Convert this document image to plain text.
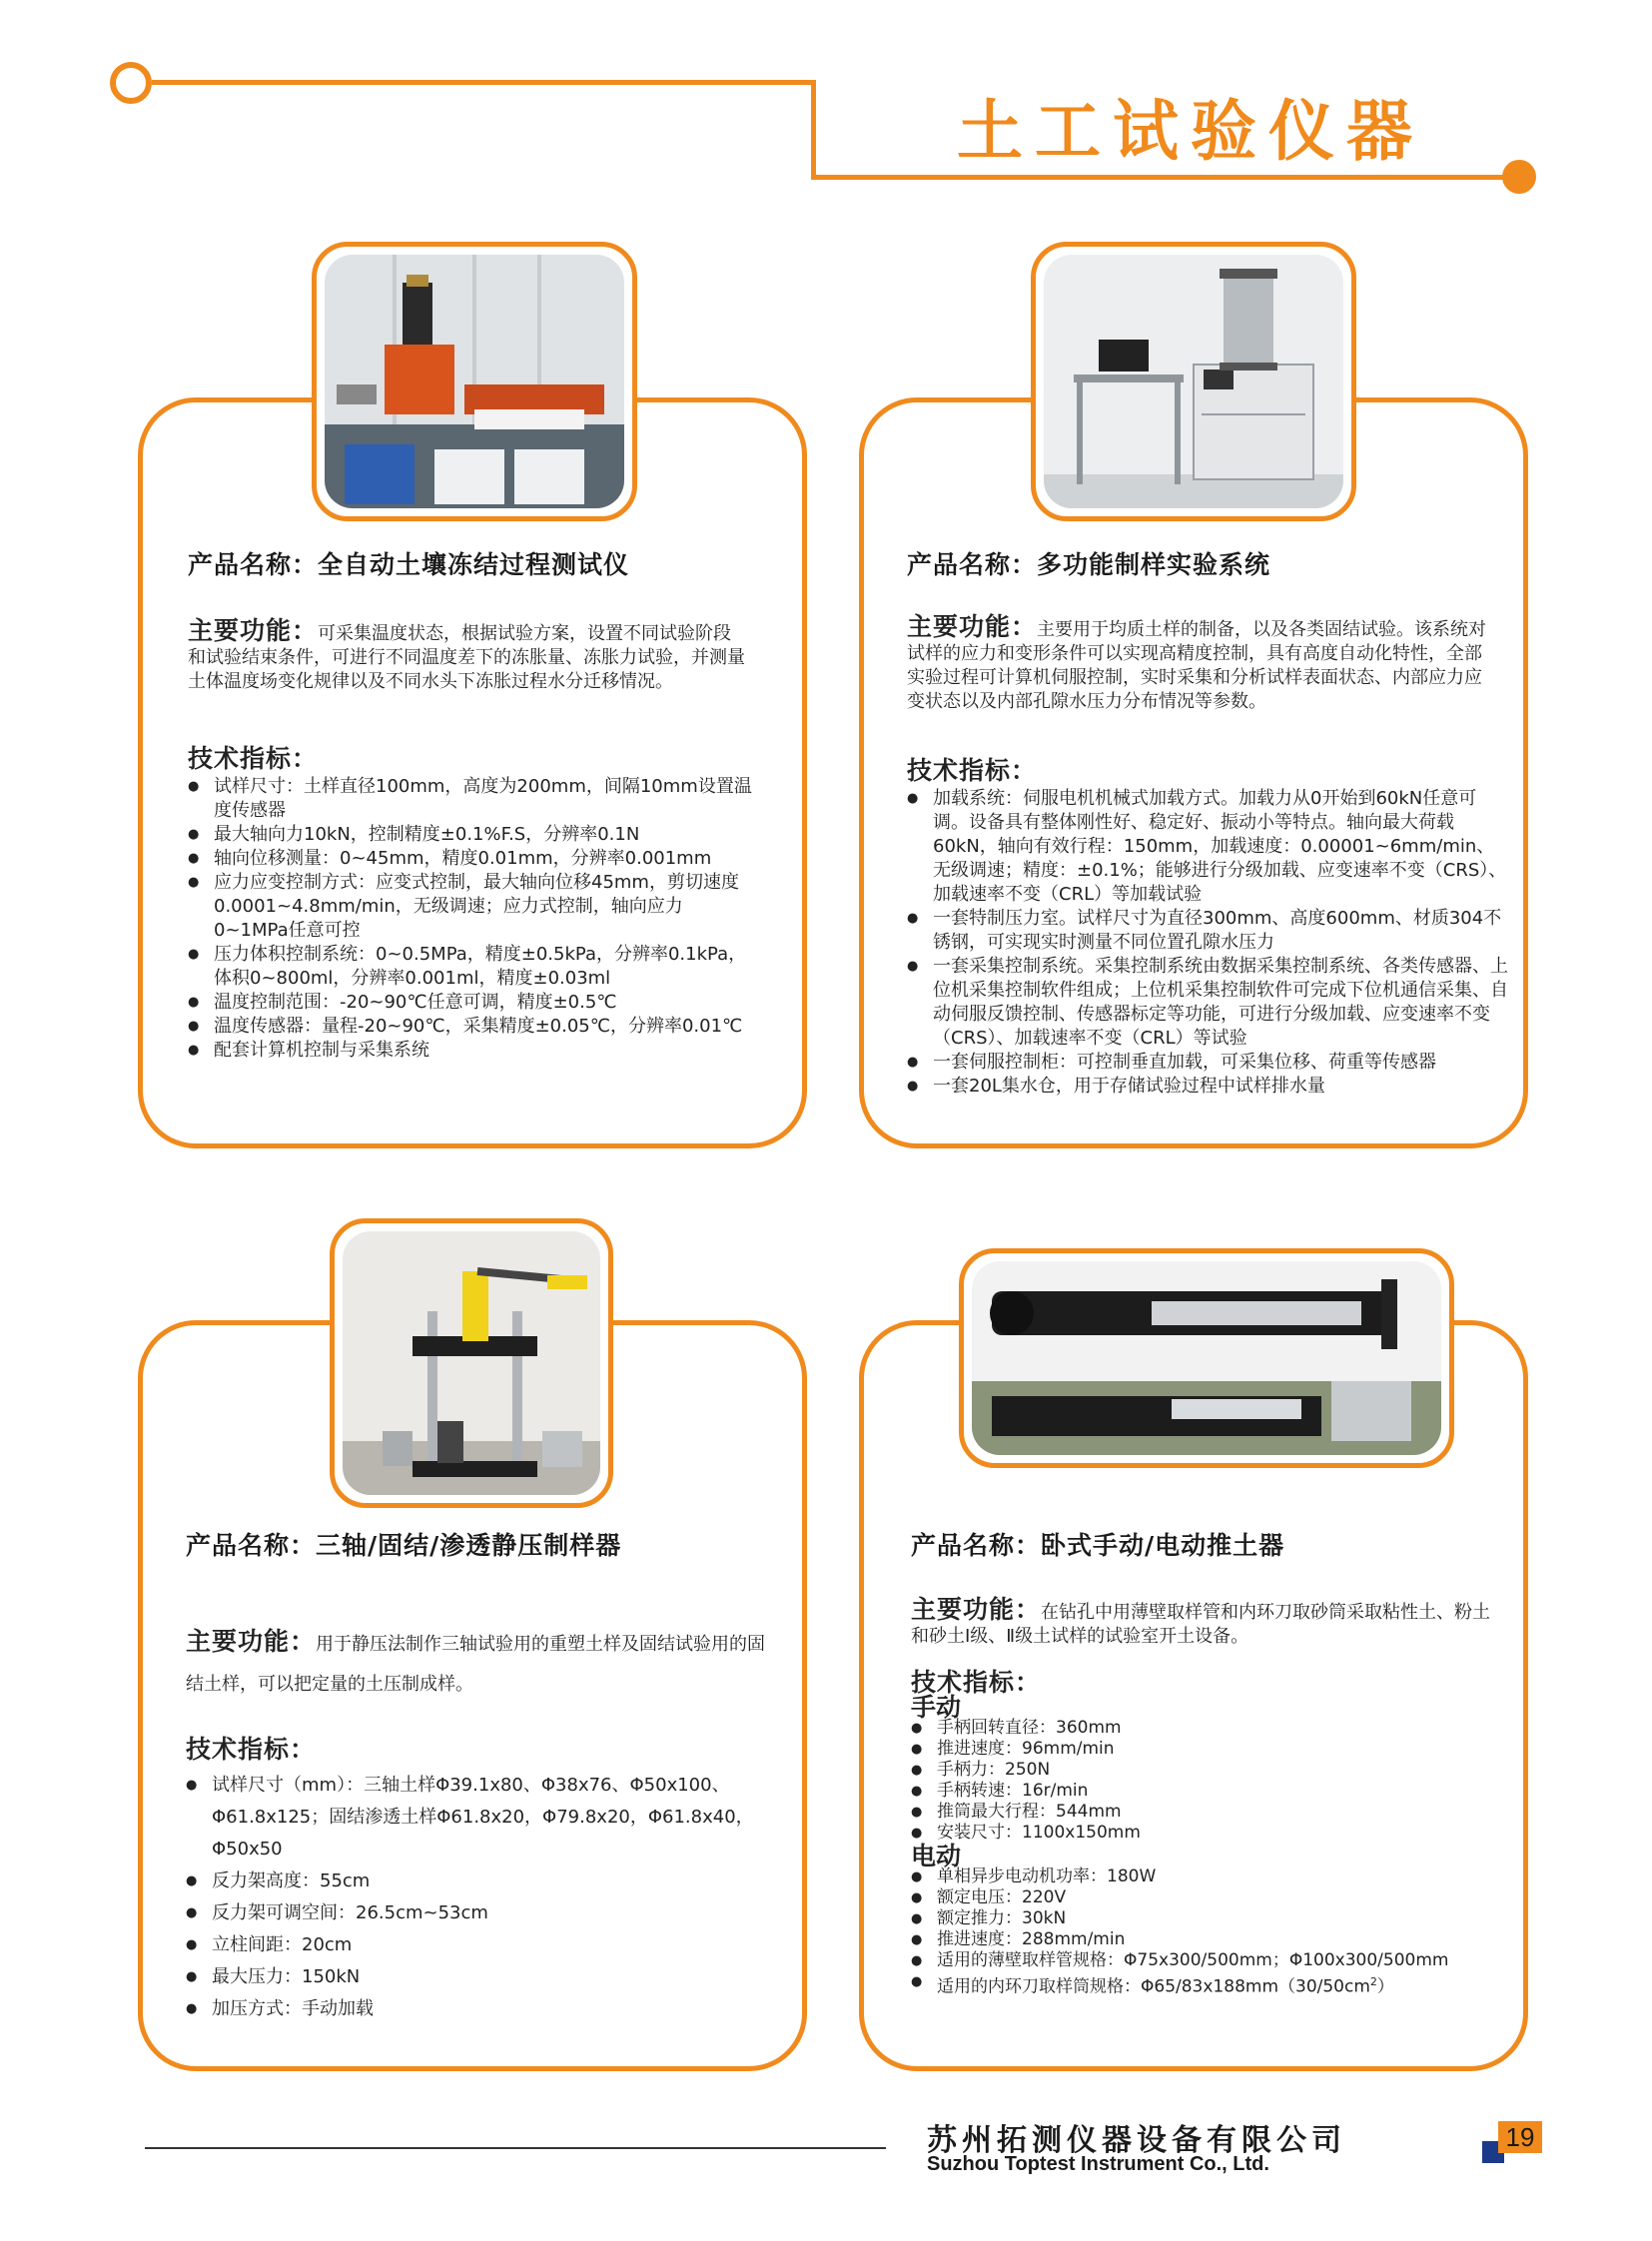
土工试验仪器
产品名称：全自动土壤冻结过程测试仪
主要功能：可采集温度状态，根据试验方案，设置不同试验阶段和试验结束条件，可进行不同温度差下的冻胀量、冻胀力试验，并测量土体温度场变化规律以及不同水头下冻胀过程水分迁移情况。
技术指标：
● 试样尺寸：土样直径100mm，高度为200mm，间隔10mm设置温度传感器
● 最大轴向力10kN，控制精度±0.1%F.S，分辨率0.1N
● 轴向位移测量：0~45mm，精度0.01mm，分辨率0.001mm
● 应力应变控制方式：应变式控制，最大轴向位移45mm，剪切速度0.0001~4.8mm/min，无级调速；应力式控制，轴向应力0~1MPa任意可控
● 压力体积控制系统：0~0.5MPa，精度±0.5kPa，分辨率0.1kPa，体积0~800ml，分辨率0.001ml，精度±0.03ml
● 温度控制范围：-20~90℃任意可调，精度±0.5℃
● 温度传感器：量程-20~90℃，采集精度±0.05℃，分辨率0.01℃
● 配套计算机控制与采集系统
产品名称：多功能制样实验系统
主要功能：主要用于均质土样的制备，以及各类固结试验。该系统对试样的应力和变形条件可以实现高精度控制，具有高度自动化特性，全部实验过程可计算机伺服控制，实时采集和分析试样表面状态、内部应力应变状态以及内部孔隙水压力分布情况等参数。
技术指标：
● 加载系统：伺服电机机械式加载方式。加载力从0开始到60kN任意可调。设备具有整体刚性好、稳定好、振动小等特点。轴向最大荷载60kN，轴向有效行程：150mm，加载速度：0.00001~6mm/min、无级调速；精度：±0.1%；能够进行分级加载、应变速率不变（CRS）、加载速率不变（CRL）等加载试验
● 一套特制压力室。试样尺寸为直径300mm、高度600mm、材质304不锈钢，可实现实时测量不同位置孔隙水压力
● 一套采集控制系统。采集控制系统由数据采集控制系统、各类传感器、上位机采集控制软件组成；上位机采集控制软件可完成下位机通信采集、自动伺服反馈控制、传感器标定等功能，可进行分级加载、应变速率不变（CRS）、加载速率不变（CRL）等试验
● 一套伺服控制柜：可控制垂直加载，可采集位移、荷重等传感器
● 一套20L集水仓，用于存储试验过程中试样排水量
产品名称：三轴/固结/渗透静压制样器
主要功能：用于静压法制作三轴试验用的重塑土样及固结试验用的固结土样，可以把定量的土压制成样。
技术指标：
● 试样尺寸（mm）：三轴土样Φ39.1x80、Φ38x76、Φ50x100、Φ61.8x125；固结渗透土样Φ61.8x20，Φ79.8x20，Φ61.8x40，Φ50x50
● 反力架高度：55cm
● 反力架可调空间：26.5cm~53cm
● 立柱间距：20cm
● 最大压力：150kN
● 加压方式：手动加载
产品名称：卧式手动/电动推土器
主要功能：在钻孔中用薄壁取样管和内环刀取砂筒采取粘性土、粉土和砂土Ⅰ级、Ⅱ级土试样的试验室开土设备。
技术指标：
手动
● 手柄回转直径：360mm
● 推进速度：96mm/min
● 手柄力：250N
● 手柄转速：16r/min
● 推筒最大行程：544mm
● 安装尺寸：1100x150mm
电动
● 单相异步电动机功率：180W
● 额定电压：220V
● 额定推力：30kN
● 推进速度：288mm/min
● 适用的薄壁取样管规格：Φ75x300/500mm；Φ100x300/500mm
● 适用的内环刀取样筒规格：$\Phi 65/83x188mm(30/50cm^2)$
苏州拓测仪器设备有限公司
Suzhou Toptest Instrument Co., Ltd.
19
